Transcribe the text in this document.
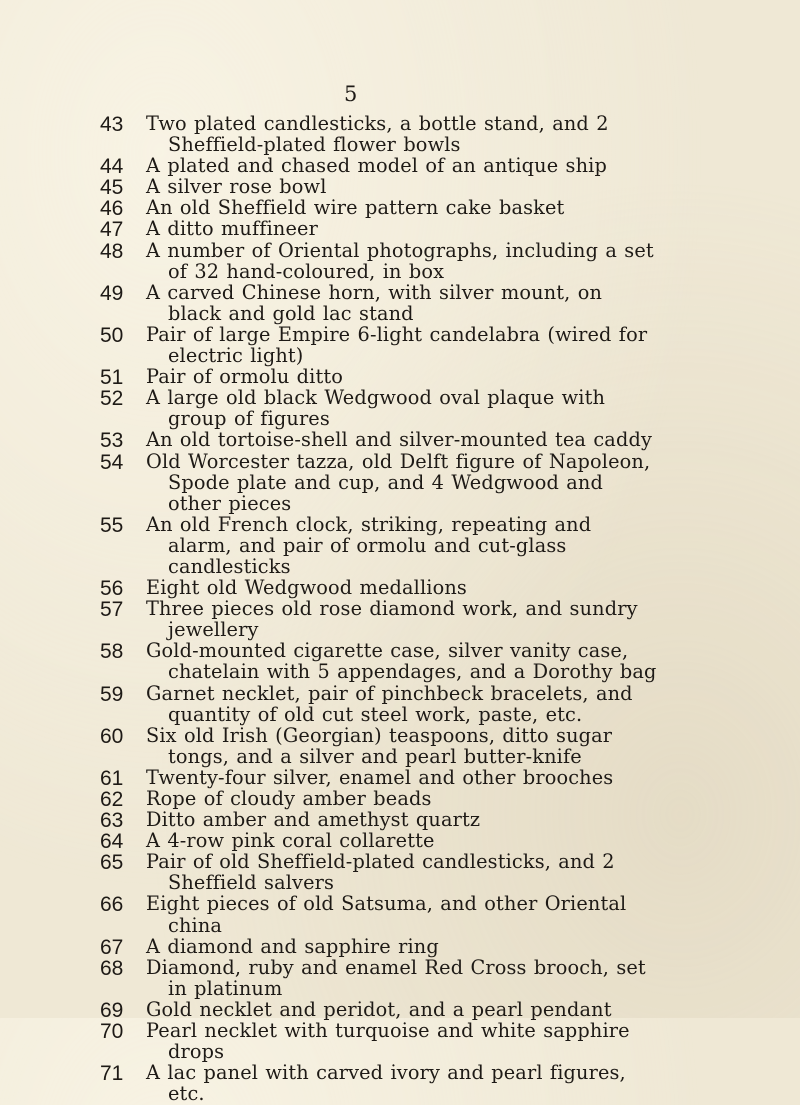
5
43	Two plated candlesticks, a bottle stand, and 2 Sheffield-plated flower bowls
44	A plated and chased model of an antique ship
45	A silver rose bowl
46	An old Sheffield wire pattern cake basket
47	A ditto muffineer
48	A number of Oriental photographs, including a set of 32 hand-coloured, in box
49	A carved Chinese horn, with silver mount, on black and gold lac stand
50	Pair of large Empire 6-light candelabra (wired for electric light)
51	Pair of ormolu ditto
52	A large old black Wedgwood oval plaque with group of figures
53	An old tortoise-shell and silver-mounted tea caddy
54	Old Worcester tazza, old Delft figure of Napoleon, Spode plate and cup, and 4 Wedgwood and other pieces
55	An old French clock, striking, repeating and alarm, and pair of ormolu and cut-glass candlesticks
56	Eight old Wedgwood medallions
57	Three pieces old rose diamond work, and sundry jewellery
58	Gold-mounted cigarette case, silver vanity case, chatelain with 5 appendages, and a Dorothy bag
59	Garnet necklet, pair of pinchbeck bracelets, and quantity of old cut steel work, paste, etc.
60	Six old Irish (Georgian) teaspoons, ditto sugar tongs, and a silver and pearl butter-knife
61	Twenty-four silver, enamel and other brooches
62	Rope of cloudy amber beads
63	Ditto amber and amethyst quartz
64	A 4-row pink coral collarette
65	Pair of old Sheffield-plated candlesticks, and 2 Sheffield salvers
66	Eight pieces of old Satsuma, and other Oriental china
67	A diamond and sapphire ring
68	Diamond, ruby and enamel Red Cross brooch, set in platinum
69	Gold necklet and peridot, and a pearl pendant
70	Pearl necklet with turquoise and white sapphire drops
71	A lac panel with carved ivory and pearl figures, etc.
